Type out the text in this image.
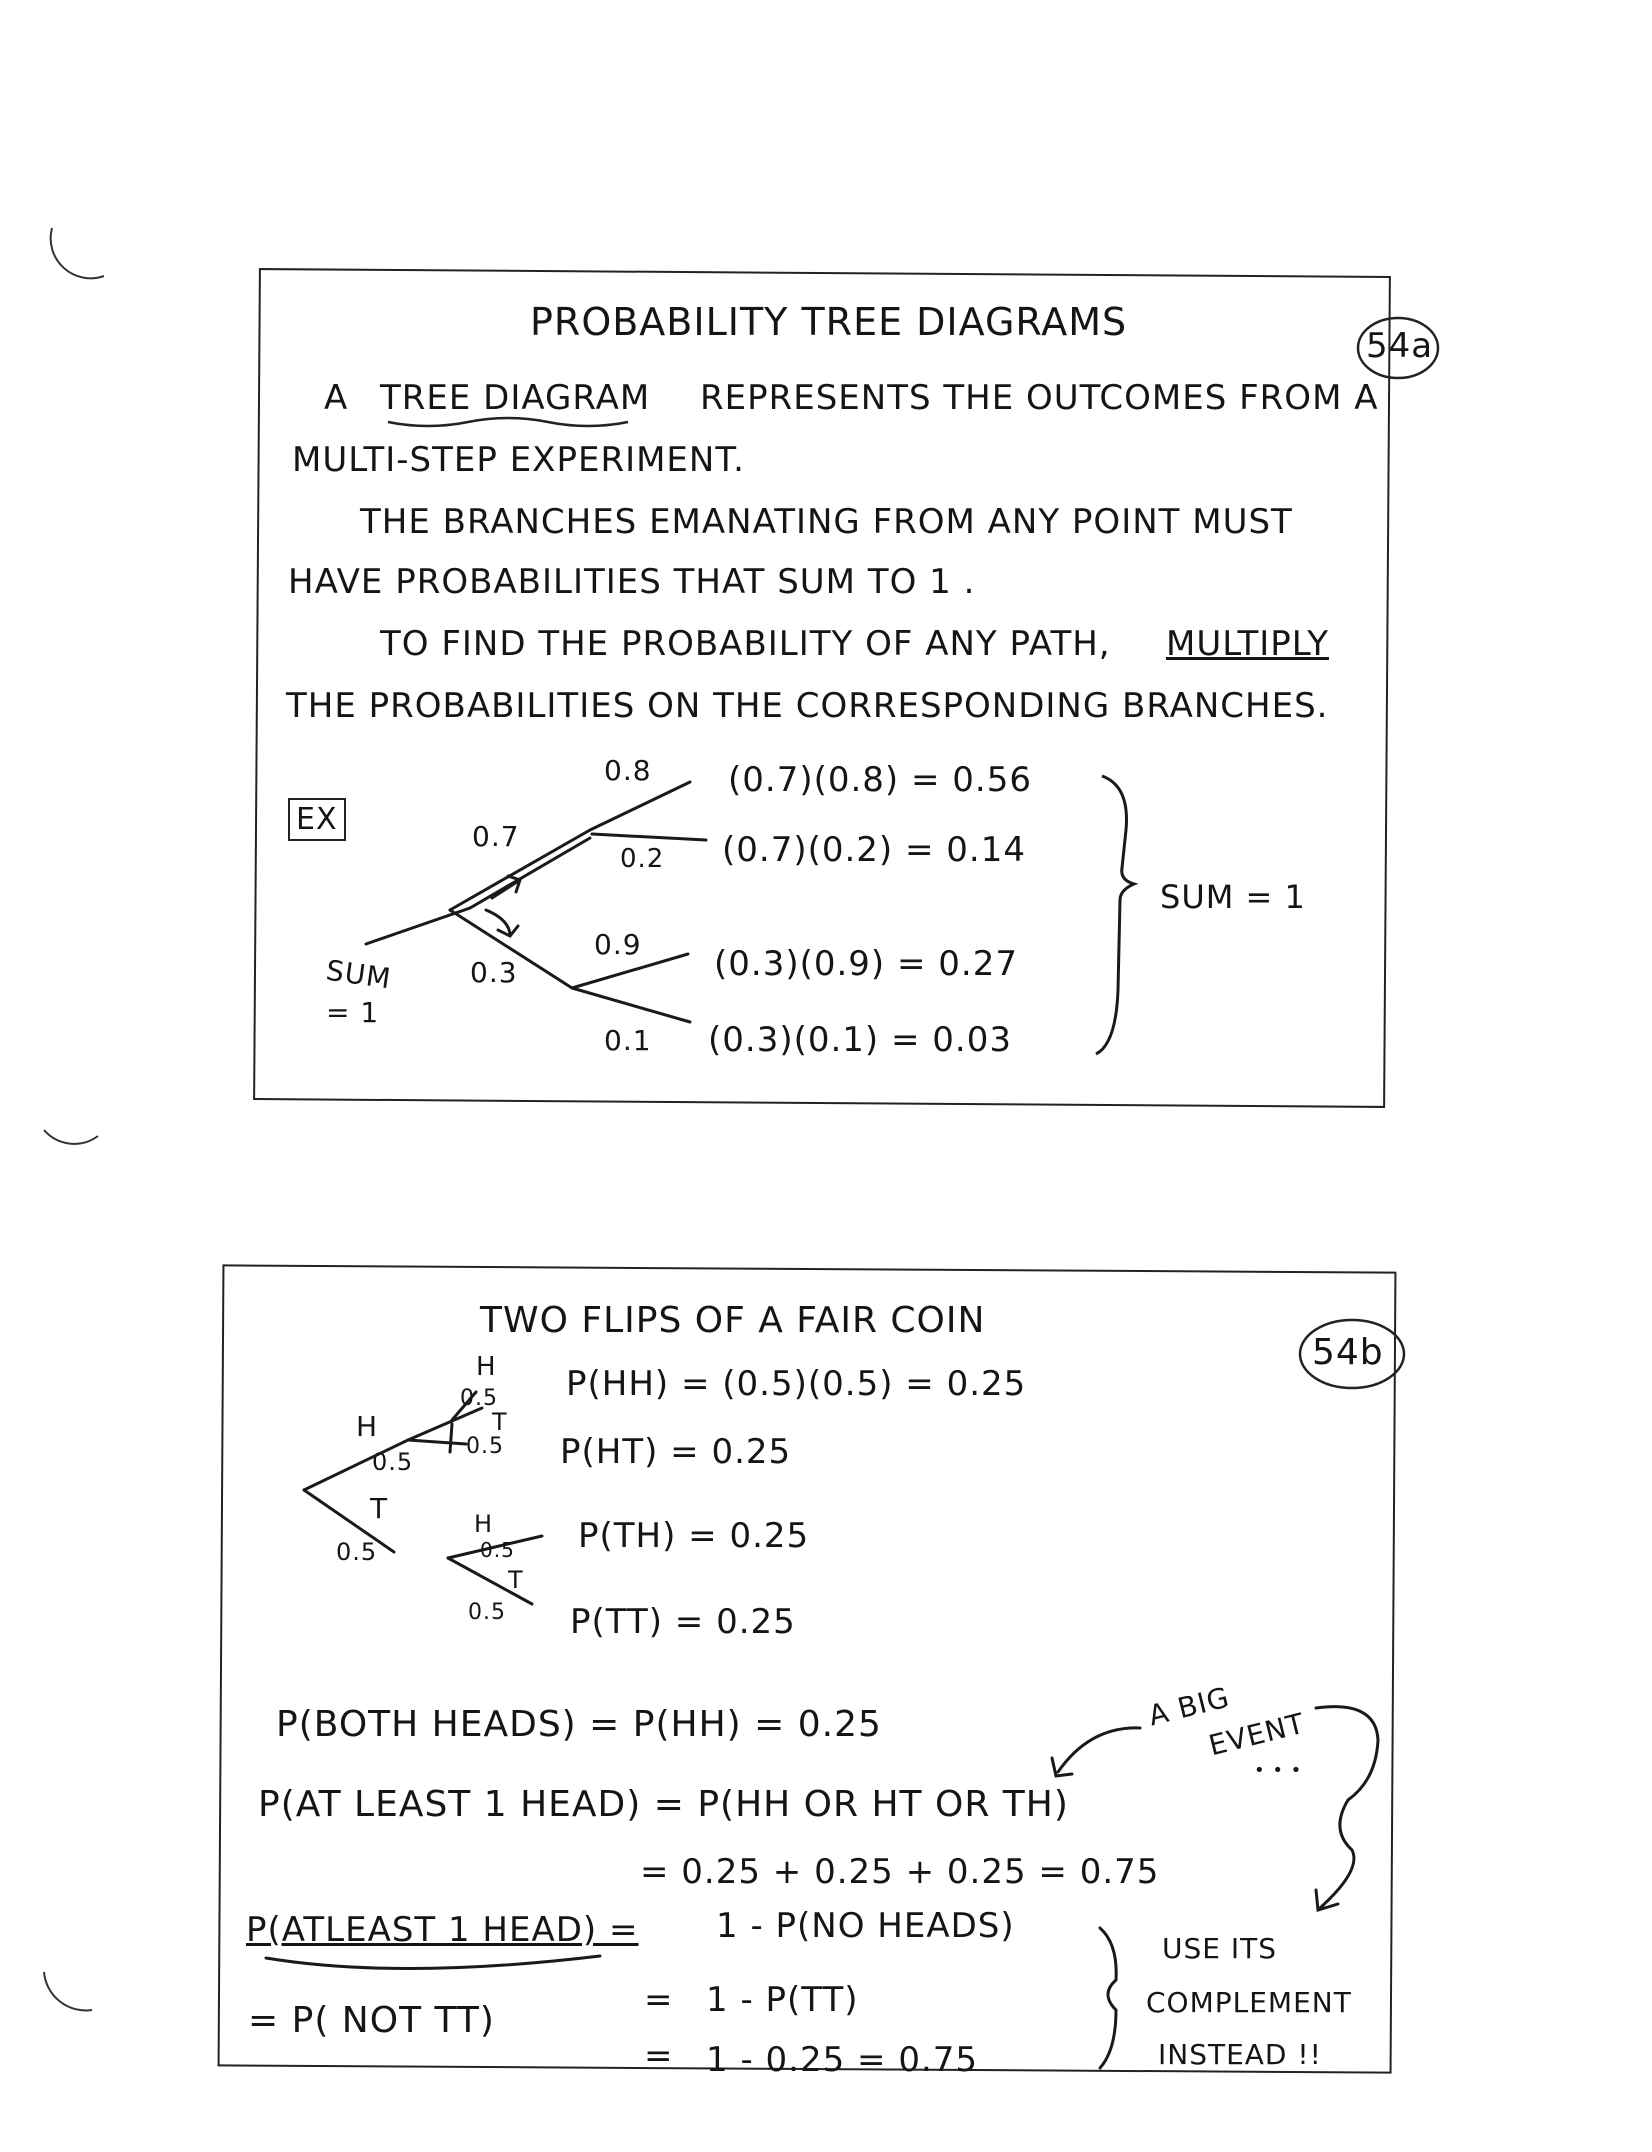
PROBABILITY TREE DIAGRAMS
54a
A TREE DIAGRAM REPRESENTS THE OUTCOMES FROM A
MULTI-STEP EXPERIMENT.
THE BRANCHES EMANATING FROM ANY POINT MUST
HAVE PROBABILITIES THAT SUM TO 1 .
TO FIND THE PROBABILITY OF ANY PATH, MULTIPLY
THE PROBABILITIES ON THE CORRESPONDING BRANCHES.
EX	0.7
0.3
0.8
0.2
0.9
0.1
(0.7)(0.8) = 0.56
(0.7)(0.2) = 0.14
(0.3)(0.9) = 0.27
(0.3)(0.1) = 0.03
SUM = 1
SUM
= 1
TWO FLIPS OF A FAIR COIN
54b
H
0.5
T
0.5
H
0.5
T
0.5
H
0.5
T
0.5
P(HH) = (0.5)(0.5) = 0.25
P(HT) = 0.25
P(TH) = 0.25
P(TT) = 0.25
P(BOTH HEADS) = P(HH) = 0.25
P(AT LEAST 1 HEAD) = P(HH OR HT OR TH)
= 0.25 + 0.25 + 0.25 = 0.75
A BIG
EVENT
• • •
P(ATLEAST 1 HEAD) = 1 - P(NO HEADS)
= 1 - P(TT)
= 1 - 0.25 = 0.75
= P( NOT TT)
USE ITS
COMPLEMENT
INSTEAD !!
